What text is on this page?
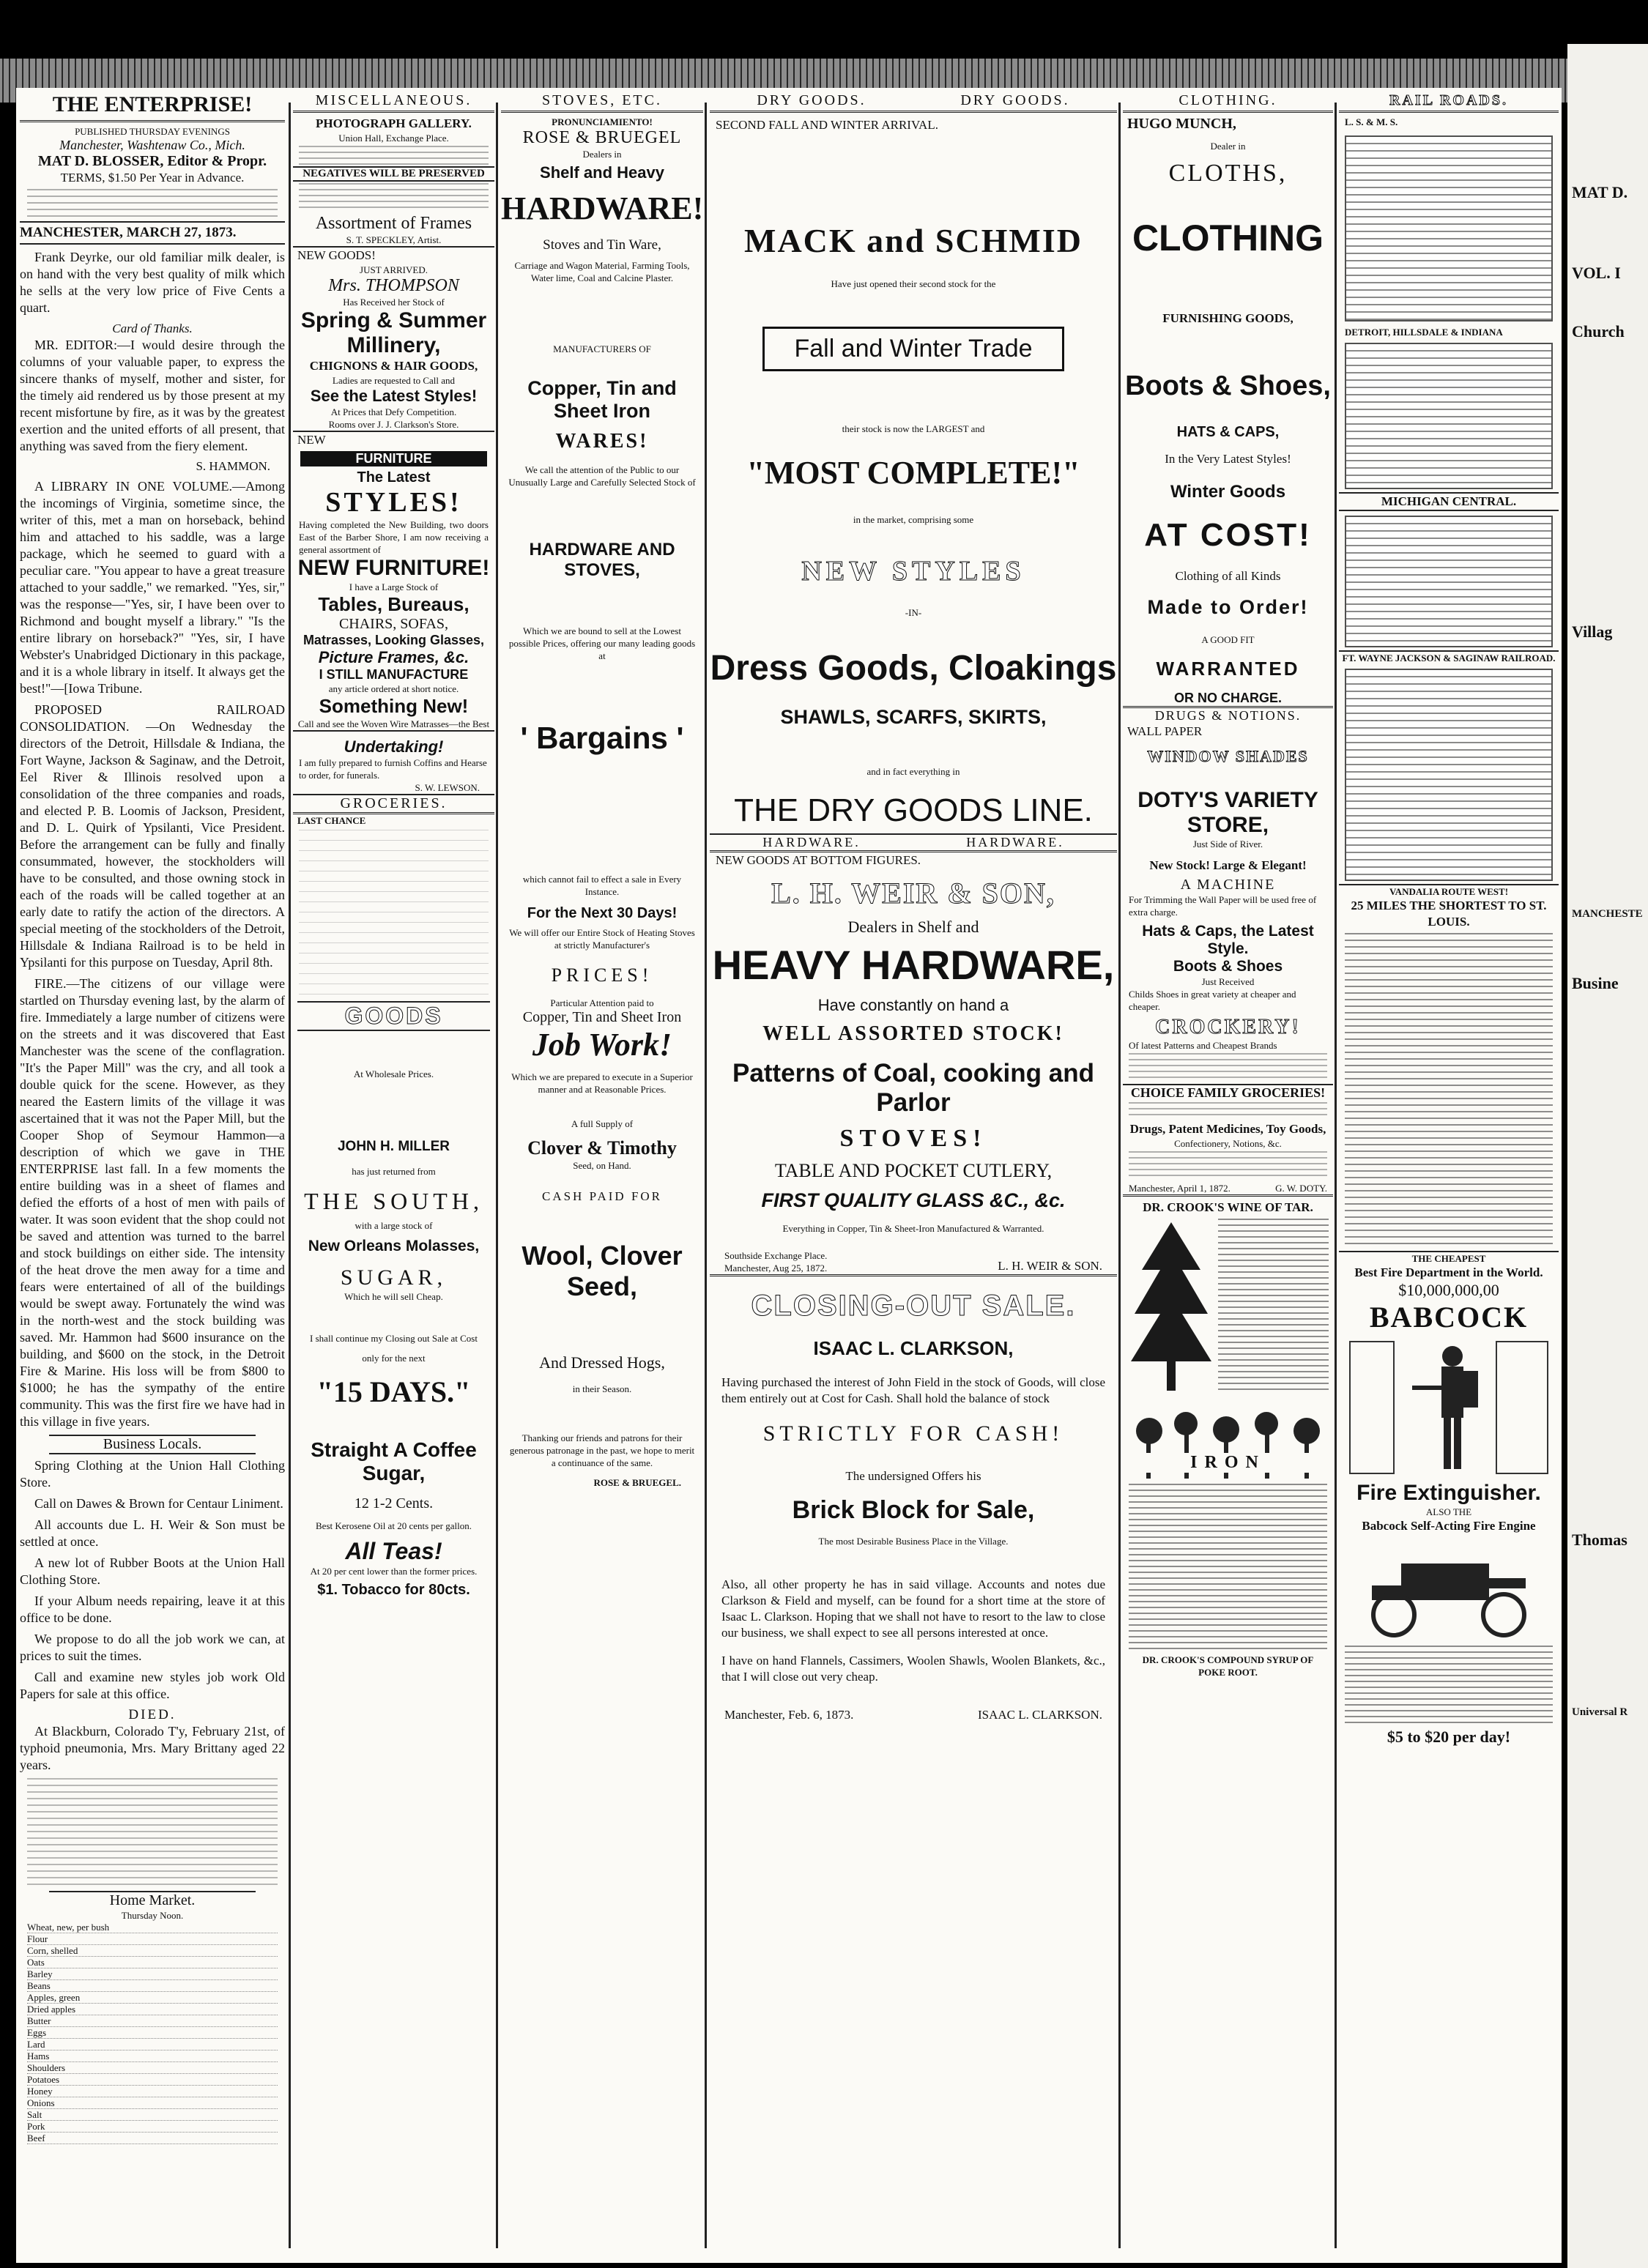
THE ENTERPRISE!
PUBLISHED THURSDAY EVENINGS
Manchester, Washtenaw Co., Mich.
MAT D. BLOSSER, Editor & Propr.
TERMS, $1.50 Per Year in Advance.
MANCHESTER, MARCH 27, 1873.

Frank Deyrke, our old familiar milk dealer, is on hand with the very best quality of milk which he sells at the very low price of Five Cents a quart.

Card of Thanks.

MR. EDITOR:—I would desire through the columns of your valuable paper, to express the sincere thanks of myself, mother and sister, for the timely aid rendered us by those present at my recent misfortune by fire, as it was by the greatest exertion and the united efforts of all present, that anything was saved from the fiery element.

S. HAMMON.

A LIBRARY IN ONE VOLUME.—Among the incomings of Virginia, sometime since, the writer of this, met a man on horseback, behind him and attached to his saddle, was a large package, which he seemed to guard with a peculiar care. "You appear to have a great treasure attached to your saddle," we remarked. "Yes, sir," was the response—"Yes, sir, I have been over to Richmond and bought myself a library." "Is the entire library on horseback?" "Yes, sir, I have Webster's Unabridged Dictionary in this package, and it is a whole library in itself. It always get the best!"—[Iowa Tribune.

PROPOSED RAILROAD CONSOLIDATION. —On Wednesday the directors of the Detroit, Hillsdale & Indiana, the Fort Wayne, Jackson & Saginaw, and the Detroit, Eel River & Illinois resolved upon a consolidation of the three companies and roads, and elected P. B. Loomis of Jackson, President, and D. L. Quirk of Ypsilanti, Vice President. Before the arrangement can be fully and finally consummated, however, the stockholders will have to be consulted, and those owning stock in each of the roads will be called together at an early date to ratify the action of the directors. A special meeting of the stockholders of the Detroit, Hillsdale & Indiana Railroad is to be held in Ypsilanti for this purpose on Tuesday, April 8th.

FIRE.—The citizens of our village were startled on Thursday evening last, by the alarm of fire. Immediately a large number of citizens were on the streets and it was discovered that East Manchester was the scene of the conflagration. "It's the Paper Mill" was the cry, and all took a double quick for the scene. However, as they neared the Eastern limits of the village it was ascertained that it was not the Paper Mill, but the Cooper Shop of Seymour Hammon—a description of which we gave in THE ENTERPRISE last fall. In a few moments the entire building was in a sheet of flames and defied the efforts of a host of men with pails of water. It was soon evident that the shop could not be saved and attention was turned to the barrel and stock buildings on either side. The intensity of the heat drove the men away for a time and fears were entertained of all of the buildings would be swept away. Fortunately the wind was in the north-west and the stock building was saved. Mr. Hammon had $600 insurance on the building, and $600 on the stock, in the Detroit Fire & Marine. His loss will be from $800 to $1000; he has the sympathy of the entire community. This was the first fire we have had in this village in five years.

Business Locals.

Spring Clothing at the Union Hall Clothing Store.

Call on Dawes & Brown for Centaur Liniment.

All accounts due L. H. Weir & Son must be settled at once.

A new lot of Rubber Boots at the Union Hall Clothing Store.

If your Album needs repairing, leave it at this office to be done.

We propose to do all the job work we can, at prices to suit the times.

Call and examine new styles job work Old Papers for sale at this office.

DIED.

At Blackburn, Colorado T'y, February 21st, of typhoid pneumonia, Mrs. Mary Brittany aged 22 years.

Home Market.
Thursday Noon.
Wheat, new, per bush
Flour
Corn, shelled
Oats
Barley
Beans
Apples, green
Dried apples
Butter
Eggs
Lard
Hams
Shoulders
Potatoes
Honey
Onions
Salt
Pork
Beef
MISCELLANEOUS.
PHOTOGRAPH GALLERY.
Union Hall, Exchange Place.
NEGATIVES WILL BE PRESERVED
Assortment of Frames
S. T. SPECKLEY, Artist.
NEW GOODS!
JUST ARRIVED.
Mrs. THOMPSON
Has Received her Stock of
Spring & Summer Millinery,
CHIGNONS & HAIR GOODS,
Ladies are requested to Call and
See the Latest Styles!
At Prices that Defy Competition.
Rooms over J. J. Clarkson's Store.
NEW
FURNITURE
The Latest
STYLES!
Having completed the New Building, two doors East of the Barber Shore, I am now receiving a general assortment of
NEW FURNITURE!
I have a Large Stock of
Tables, Bureaus,
CHAIRS, SOFAS,
Matrasses, Looking Glasses,
Picture Frames, &c.
I STILL MANUFACTURE
any article ordered at short notice.
Something New!
Call and see the Woven Wire Matrasses—the Best
Undertaking!
I am fully prepared to furnish Coffins and Hearse to order, for funerals.
S. W. LEWSON.
GROCERIES.
LAST CHANCE
GOODS
At Wholesale Prices.
JOHN H. MILLER
has just returned from
THE SOUTH,
with a large stock of
New Orleans Molasses,
SUGAR,
Which he will sell Cheap.
I shall continue my Closing out Sale at Cost
only for the next
"15 DAYS."
Straight A Coffee Sugar,
12 1-2 Cents.
Best Kerosene Oil at 20 cents per gallon.
All Teas!
At 20 per cent lower than the former prices.
$1. Tobacco for 80cts.
STOVES, ETC.
PRONUNCIAMIENTO!
ROSE & BRUEGEL
Dealers in
Shelf and Heavy
HARDWARE!
Stoves and Tin Ware,
Carriage and Wagon Material, Farming Tools, Water lime, Coal and Calcine Plaster.
MANUFACTURERS OF
Copper, Tin and Sheet Iron
WARES!
We call the attention of the Public to our Unusually Large and Carefully Selected Stock of
HARDWARE AND STOVES,
Which we are bound to sell at the Lowest possible Prices, offering our many leading goods at
' Bargains '
which cannot fail to effect a sale in Every Instance.
For the Next 30 Days!
We will offer our Entire Stock of Heating Stoves at strictly Manufacturer's
PRICES!
Particular Attention paid to
Copper, Tin and Sheet Iron
Job Work!
Which we are prepared to execute in a Superior manner and at Reasonable Prices.
A full Supply of
Clover & Timothy
Seed, on Hand.
CASH PAID FOR
Wool, Clover Seed,
And Dressed Hogs,
in their Season.
Thanking our friends and patrons for their generous patronage in the past, we hope to merit a continuance of the same.
ROSE & BRUEGEL.
DRY GOODS.	DRY GOODS.
SECOND FALL AND WINTER ARRIVAL.
MACK and SCHMID
Have just opened their second stock for the
Fall and Winter Trade
their stock is now the LARGEST and
"MOST COMPLETE!"
in the market, comprising some
NEW STYLES
-IN-
Dress Goods, Cloakings
SHAWLS, SCARFS, SKIRTS,
and in fact everything in
THE DRY GOODS LINE.
HARDWARE.	HARDWARE.
NEW GOODS AT BOTTOM FIGURES.
L. H. WEIR & SON,
Dealers in Shelf and
HEAVY HARDWARE,
Have constantly on hand a
WELL ASSORTED STOCK!
Patterns of Coal, cooking and Parlor
STOVES!
TABLE AND POCKET CUTLERY,
FIRST QUALITY GLASS &C., &c.
Everything in Copper, Tin & Sheet-Iron Manufactured & Warranted.
Southside Exchange Place.
Manchester, Aug 25, 1872.	L. H. WEIR & SON.
CLOSING-OUT SALE.
ISAAC L. CLARKSON,
Having purchased the interest of John Field in the stock of Goods, will close them entirely out at Cost for Cash. Shall hold the balance of stock
STRICTLY FOR CASH!
The undersigned Offers his
Brick Block for Sale,
The most Desirable Business Place in the Village.
Also, all other property he has in said village. Accounts and notes due Clarkson & Field and myself, can be found for a short time at the store of Isaac L. Clarkson. Hoping that we shall not have to resort to the law to close our business, we shall expect to see all persons interested at once.
I have on hand Flannels, Cassimers, Woolen Shawls, Woolen Blankets, &c., that I will close out very cheap.
Manchester, Feb. 6, 1873.	ISAAC L. CLARKSON.
CLOTHING.
HUGO MUNCH,
Dealer in
CLOTHS,
CLOTHING
FURNISHING GOODS,
Boots & Shoes,
HATS & CAPS,
In the Very Latest Styles!
Winter Goods
AT COST!
Clothing of all Kinds
Made to Order!
A GOOD FIT
WARRANTED
OR NO CHARGE.
DRUGS & NOTIONS.
WALL PAPER
WINDOW SHADES
DOTY'S VARIETY STORE,
Just Side of River.
New Stock! Large & Elegant!
A MACHINE
For Trimming the Wall Paper will be used free of extra charge.
Hats & Caps, the Latest Style.
Boots & Shoes
Just Received
Childs Shoes in great variety at cheaper and cheaper.
CROCKERY!
Of latest Patterns and Cheapest Brands
CHOICE FAMILY GROCERIES!
Drugs, Patent Medicines, Toy Goods,
Confectionery, Notions, &c.
Manchester, April 1, 1872.	G. W. DOTY.
DR. CROOK'S WINE OF TAR.
IRON
DR. CROOK'S COMPOUND SYRUP OF POKE ROOT.
RAIL ROADS.
L. S. & M. S.
DETROIT, HILLSDALE & INDIANA
MICHIGAN CENTRAL.
FT. WAYNE JACKSON & SAGINAW RAILROAD.
VANDALIA ROUTE WEST!
25 MILES THE SHORTEST TO ST. LOUIS.
THE CHEAPEST
Best Fire Department in the World.
$10,000,000,00
BABCOCK
Fire Extinguisher.
ALSO THE
Babcock Self-Acting Fire Engine
$5 to $20 per day!
MAT D.
VOL. I
Church
Villag
MANCHESTE
Busine
Thomas
Universal R
